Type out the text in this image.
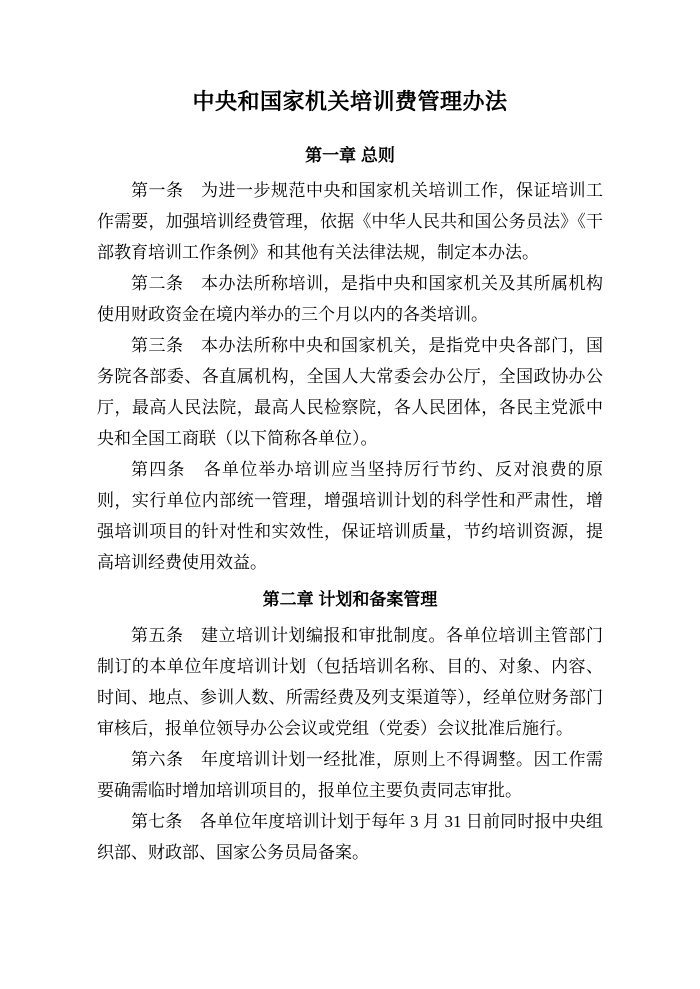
中央和国家机关培训费管理办法
第一章 总则

第一条　为进一步规范中央和国家机关培训工作，保证培训工作需要，加强培训经费管理，依据《中华人民共和国公务员法》《干部教育培训工作条例》和其他有关法律法规，制定本办法。

第二条　本办法所称培训，是指中央和国家机关及其所属机构使用财政资金在境内举办的三个月以内的各类培训。

第三条　本办法所称中央和国家机关，是指党中央各部门，国务院各部委、各直属机构，全国人大常委会办公厅，全国政协办公厅，最高人民法院，最高人民检察院，各人民团体，各民主党派中央和全国工商联（以下简称各单位）。

第四条　各单位举办培训应当坚持厉行节约、反对浪费的原则，实行单位内部统一管理，增强培训计划的科学性和严肃性，增强培训项目的针对性和实效性，保证培训质量，节约培训资源，提高培训经费使用效益。

第二章 计划和备案管理

第五条　建立培训计划编报和审批制度。各单位培训主管部门制订的本单位年度培训计划（包括培训名称、目的、对象、内容、时间、地点、参训人数、所需经费及列支渠道等），经单位财务部门审核后，报单位领导办公会议或党组（党委）会议批准后施行。

第六条　年度培训计划一经批准，原则上不得调整。因工作需要确需临时增加培训项目的，报单位主要负责同志审批。

第七条　各单位年度培训计划于每年 3 月 31 日前同时报中央组织部、财政部、国家公务员局备案。
